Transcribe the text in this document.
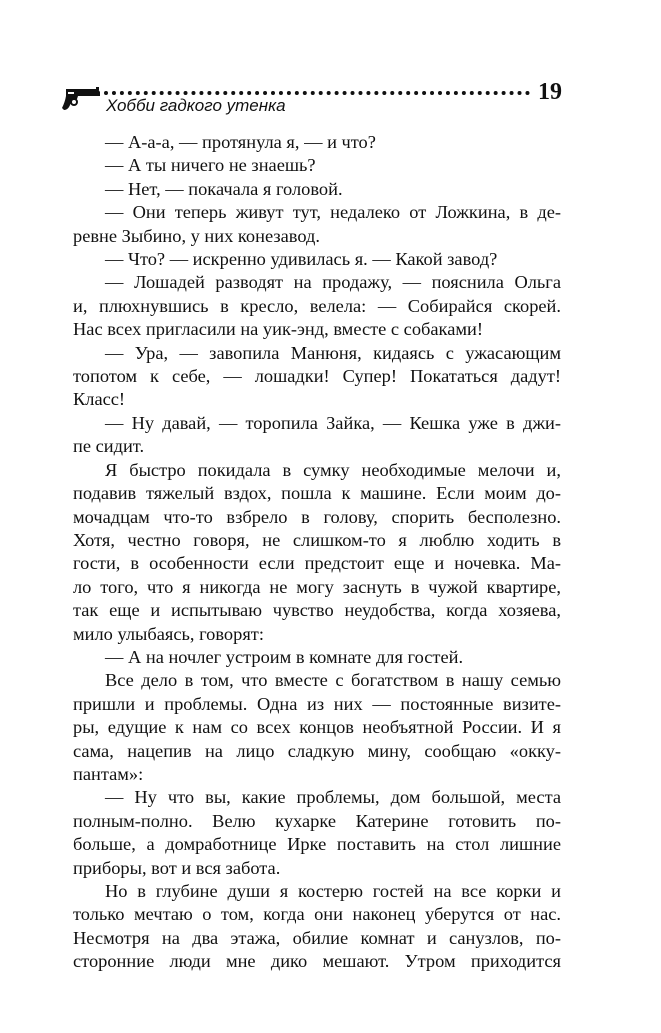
19
Хобби гадкого утенка

— А-а-а, — протянула я, — и что?

— А ты ничего не знаешь?

— Нет, — покачала я головой.

— Они теперь живут тут, недалеко от Ложкина, в де-

ревне Зыбино, у них конезавод.

— Что? — искренно удивилась я. — Какой завод?

— Лошадей разводят на продажу, — пояснила Ольга

и, плюхнувшись в кресло, велела: — Собирайся скорей.

Нас всех пригласили на уик-энд, вместе с собаками!

— Ура, — завопила Манюня, кидаясь с ужасающим

топотом к себе, — лошадки! Супер! Покататься дадут!

Класс!

— Ну давай, — торопила Зайка, — Кешка уже в джи-

пе сидит.

Я быстро покидала в сумку необходимые мелочи и,

подавив тяжелый вздох, пошла к машине. Если моим до-

мочадцам что-то взбрело в голову, спорить бесполезно.

Хотя, честно говоря, не слишком-то я люблю ходить в

гости, в особенности если предстоит еще и ночевка. Ма-

ло того, что я никогда не могу заснуть в чужой квартире,

так еще и испытываю чувство неудобства, когда хозяева,

мило улыбаясь, говорят:

— А на ночлег устроим в комнате для гостей.

Все дело в том, что вместе с богатством в нашу семью

пришли и проблемы. Одна из них — постоянные визите-

ры, едущие к нам со всех концов необъятной России. И я

сама, нацепив на лицо сладкую мину, сообщаю «окку-

пантам»:

— Ну что вы, какие проблемы, дом большой, места

полным-полно. Велю кухарке Катерине готовить по-

больше, а домработнице Ирке поставить на стол лишние

приборы, вот и вся забота.

Но в глубине души я костерю гостей на все корки и

только мечтаю о том, когда они наконец уберутся от нас.

Несмотря на два этажа, обилие комнат и санузлов, по-

сторонние люди мне дико мешают. Утром приходится
